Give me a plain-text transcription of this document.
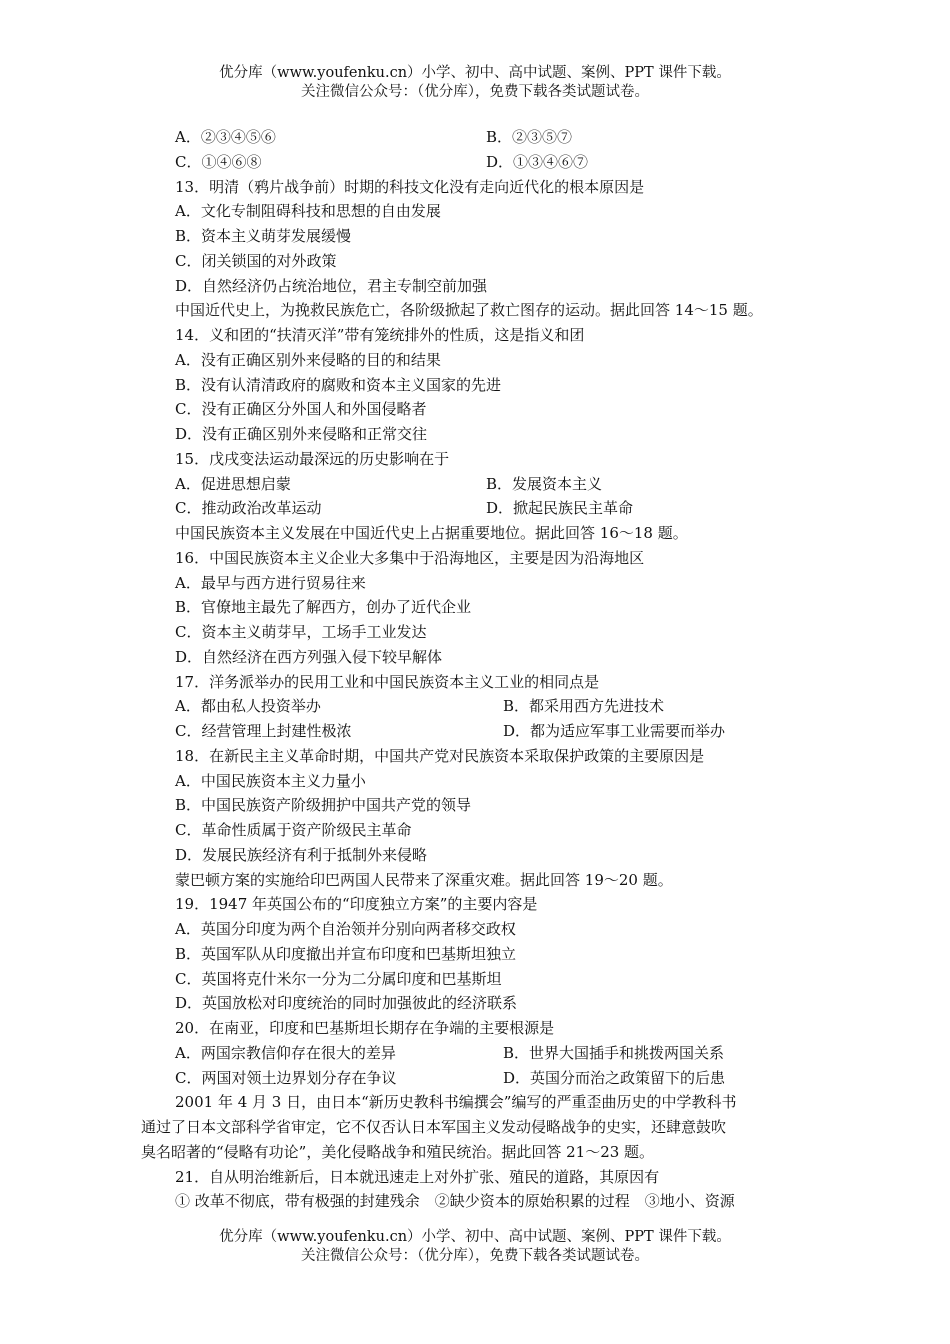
优分库（www.youfenku.cn）小学、初中、高中试题、案例、PPT 课件下载。
关注微信公众号：（优分库），免费下载各类试题试卷。
A．②③④⑤⑥	B．②③⑤⑦
C．①④⑥⑧	D．①③④⑥⑦
13．明清（鸦片战争前）时期的科技文化没有走向近代化的根本原因是
A．文化专制阻碍科技和思想的自由发展
B．资本主义萌芽发展缓慢
C．闭关锁国的对外政策
D．自然经济仍占统治地位，君主专制空前加强
中国近代史上，为挽救民族危亡，各阶级掀起了救亡图存的运动。据此回答 14～15 题。
14．义和团的“扶清灭洋”带有笼统排外的性质，这是指义和团
A．没有正确区别外来侵略的目的和结果
B．没有认清清政府的腐败和资本主义国家的先进
C．没有正确区分外国人和外国侵略者
D．没有正确区别外来侵略和正常交往
15．戊戌变法运动最深远的历史影响在于
A．促进思想启蒙	B．发展资本主义
C．推动政治改革运动	D．掀起民族民主革命
中国民族资本主义发展在中国近代史上占据重要地位。据此回答 16～18 题。
16．中国民族资本主义企业大多集中于沿海地区，主要是因为沿海地区
A．最早与西方进行贸易往来
B．官僚地主最先了解西方，创办了近代企业
C．资本主义萌芽早，工场手工业发达
D．自然经济在西方列强入侵下较早解体
17．洋务派举办的民用工业和中国民族资本主义工业的相同点是
A．都由私人投资举办	B．都采用西方先进技术
C．经营管理上封建性极浓	D．都为适应军事工业需要而举办
18．在新民主主义革命时期，中国共产党对民族资本采取保护政策的主要原因是
A．中国民族资本主义力量小
B．中国民族资产阶级拥护中国共产党的领导
C．革命性质属于资产阶级民主革命
D．发展民族经济有利于抵制外来侵略
蒙巴顿方案的实施给印巴两国人民带来了深重灾难。据此回答 19～20 题。
19．1947 年英国公布的“印度独立方案”的主要内容是
A．英国分印度为两个自治领并分别向两者移交政权
B．英国军队从印度撤出并宣布印度和巴基斯坦独立
C．英国将克什米尔一分为二分属印度和巴基斯坦
D．英国放松对印度统治的同时加强彼此的经济联系
20．在南亚，印度和巴基斯坦长期存在争端的主要根源是
A．两国宗教信仰存在很大的差异	B．世界大国插手和挑拨两国关系
C．两国对领土边界划分存在争议	D．英国分而治之政策留下的后患
2001 年 4 月 3 日，由日本“新历史教科书编撰会”编写的严重歪曲历史的中学教科书
通过了日本文部科学省审定，它不仅否认日本军国主义发动侵略战争的史实，还肆意鼓吹
臭名昭著的“侵略有功论”，美化侵略战争和殖民统治。据此回答 21～23 题。
21．自从明治维新后，日本就迅速走上对外扩张、殖民的道路，其原因有
① 改革不彻底，带有极强的封建残余　②缺少资本的原始积累的过程　③地小、资源
优分库（www.youfenku.cn）小学、初中、高中试题、案例、PPT 课件下载。
关注微信公众号：（优分库），免费下载各类试题试卷。
